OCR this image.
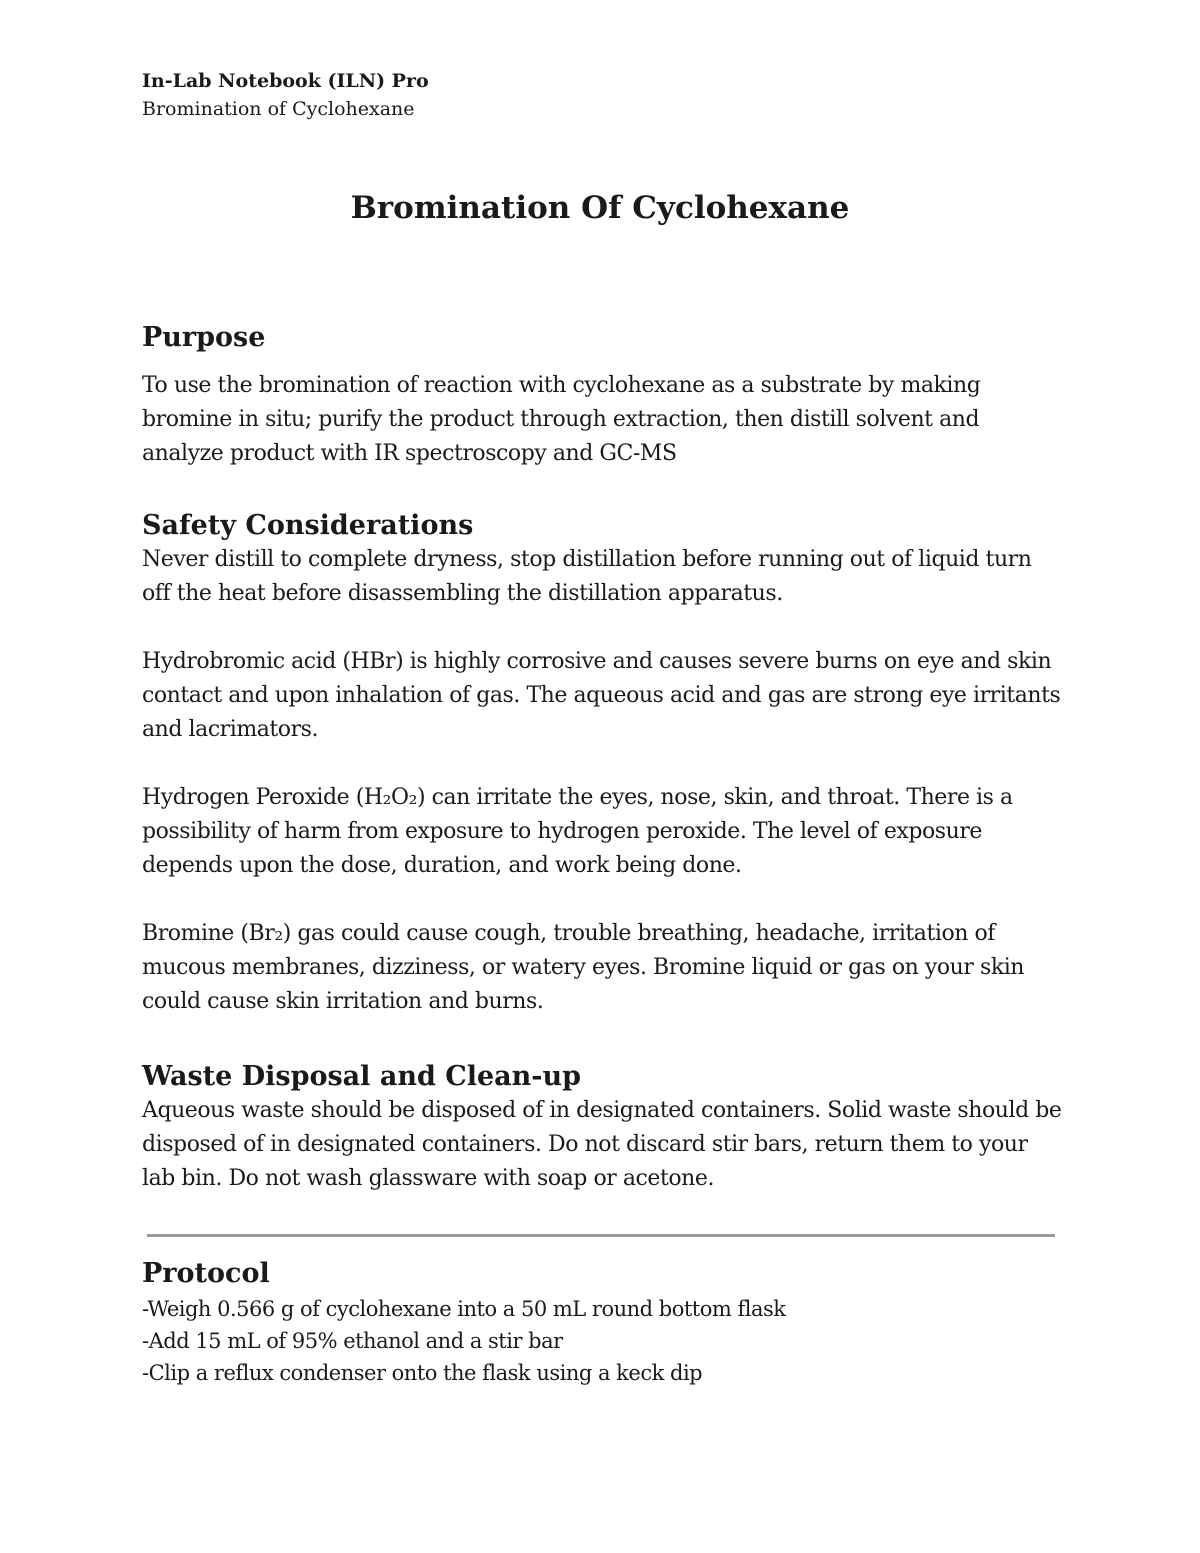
In-Lab Notebook (ILN) Pro
Bromination of Cyclohexane
Bromination Of Cyclohexane
Purpose

To use the bromination of reaction with cyclohexane as a substrate by making bromine in situ; purify the product through extraction, then distill solvent and analyze product with IR spectroscopy and GC-MS

Safety Considerations

Never distill to complete dryness, stop distillation before running out of liquid turn off the heat before disassembling the distillation apparatus.

Hydrobromic acid (HBr) is highly corrosive and causes severe burns on eye and skin contact and upon inhalation of gas. The aqueous acid and gas are strong eye irritants and lacrimators.

Hydrogen Peroxide (H₂O₂) can irritate the eyes, nose, skin, and throat. There is a possibility of harm from exposure to hydrogen peroxide. The level of exposure depends upon the dose, duration, and work being done.

Bromine (Br₂) gas could cause cough, trouble breathing, headache, irritation of mucous membranes, dizziness, or watery eyes. Bromine liquid or gas on your skin could cause skin irritation and burns.

Waste Disposal and Clean-up

Aqueous waste should be disposed of in designated containers. Solid waste should be disposed of in designated containers. Do not discard stir bars, return them to your lab bin. Do not wash glassware with soap or acetone.

Protocol
-Weigh 0.566 g of cyclohexane into a 50 mL round bottom flask
-Add 15 mL of 95% ethanol and a stir bar
-Clip a reflux condenser onto the flask using a keck dip
